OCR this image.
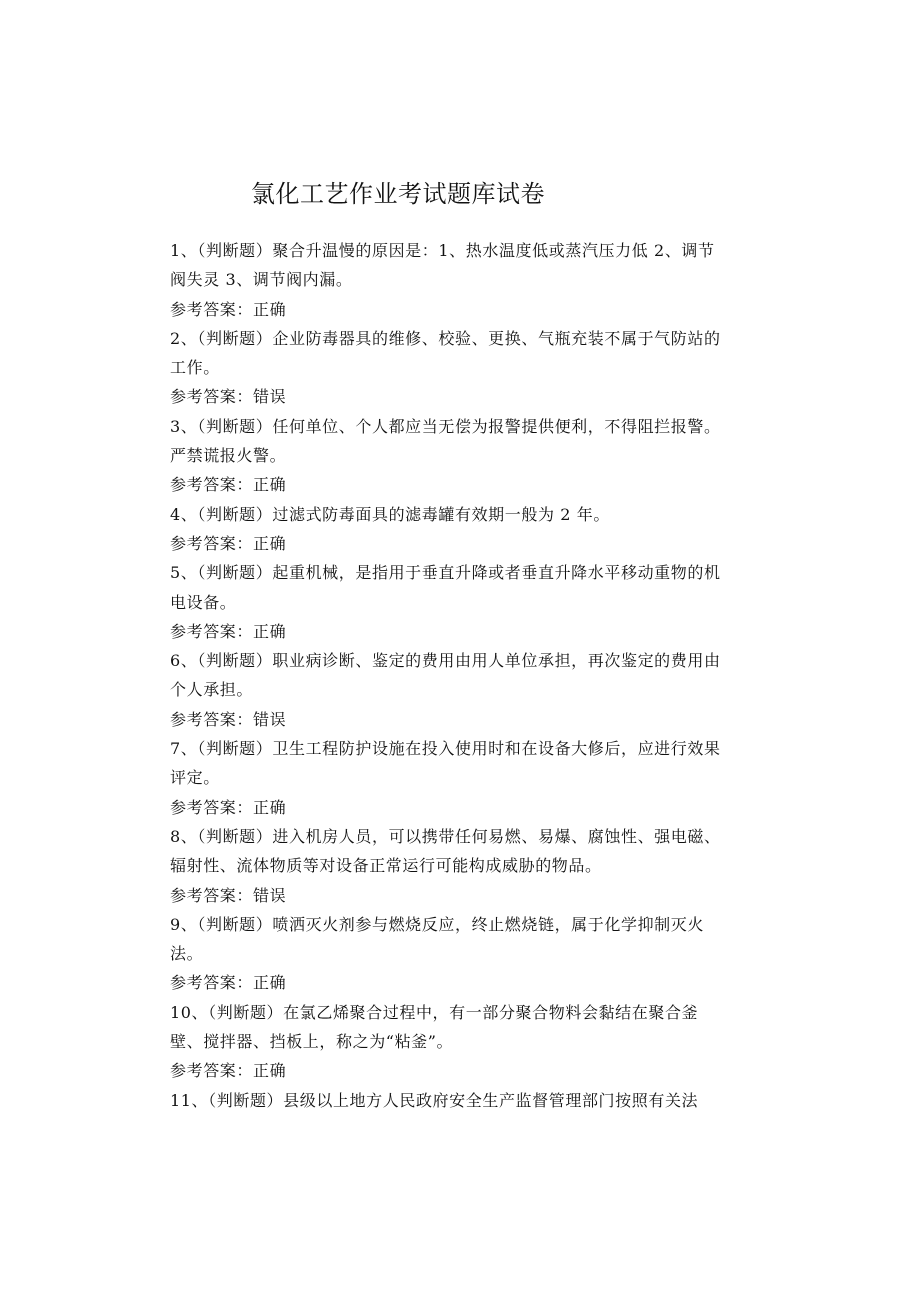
氯化工艺作业考试题库试卷
1、（判断题）聚合升温慢的原因是：1、热水温度低或蒸汽压力低 2、调节
阀失灵 3、调节阀内漏。
参考答案：正确
2、（判断题）企业防毒器具的维修、校验、更换、气瓶充装不属于气防站的
工作。
参考答案：错误
3、（判断题）任何单位、个人都应当无偿为报警提供便利，不得阻拦报警。
严禁谎报火警。
参考答案：正确
4、（判断题）过滤式防毒面具的滤毒罐有效期一般为 2 年。
参考答案：正确
5、（判断题）起重机械，是指用于垂直升降或者垂直升降水平移动重物的机
电设备。
参考答案：正确
6、（判断题）职业病诊断、鉴定的费用由用人单位承担，再次鉴定的费用由
个人承担。
参考答案：错误
7、（判断题）卫生工程防护设施在投入使用时和在设备大修后，应进行效果
评定。
参考答案：正确
8、（判断题）进入机房人员，可以携带任何易燃、易爆、腐蚀性、强电磁、
辐射性、流体物质等对设备正常运行可能构成威胁的物品。
参考答案：错误
9、（判断题）喷洒灭火剂参与燃烧反应，终止燃烧链，属于化学抑制灭火
法。
参考答案：正确
10、（判断题）在氯乙烯聚合过程中，有一部分聚合物料会黏结在聚合釜
壁、搅拌器、挡板上，称之为“粘釜”。
参考答案：正确
11、（判断题）县级以上地方人民政府安全生产监督管理部门按照有关法
